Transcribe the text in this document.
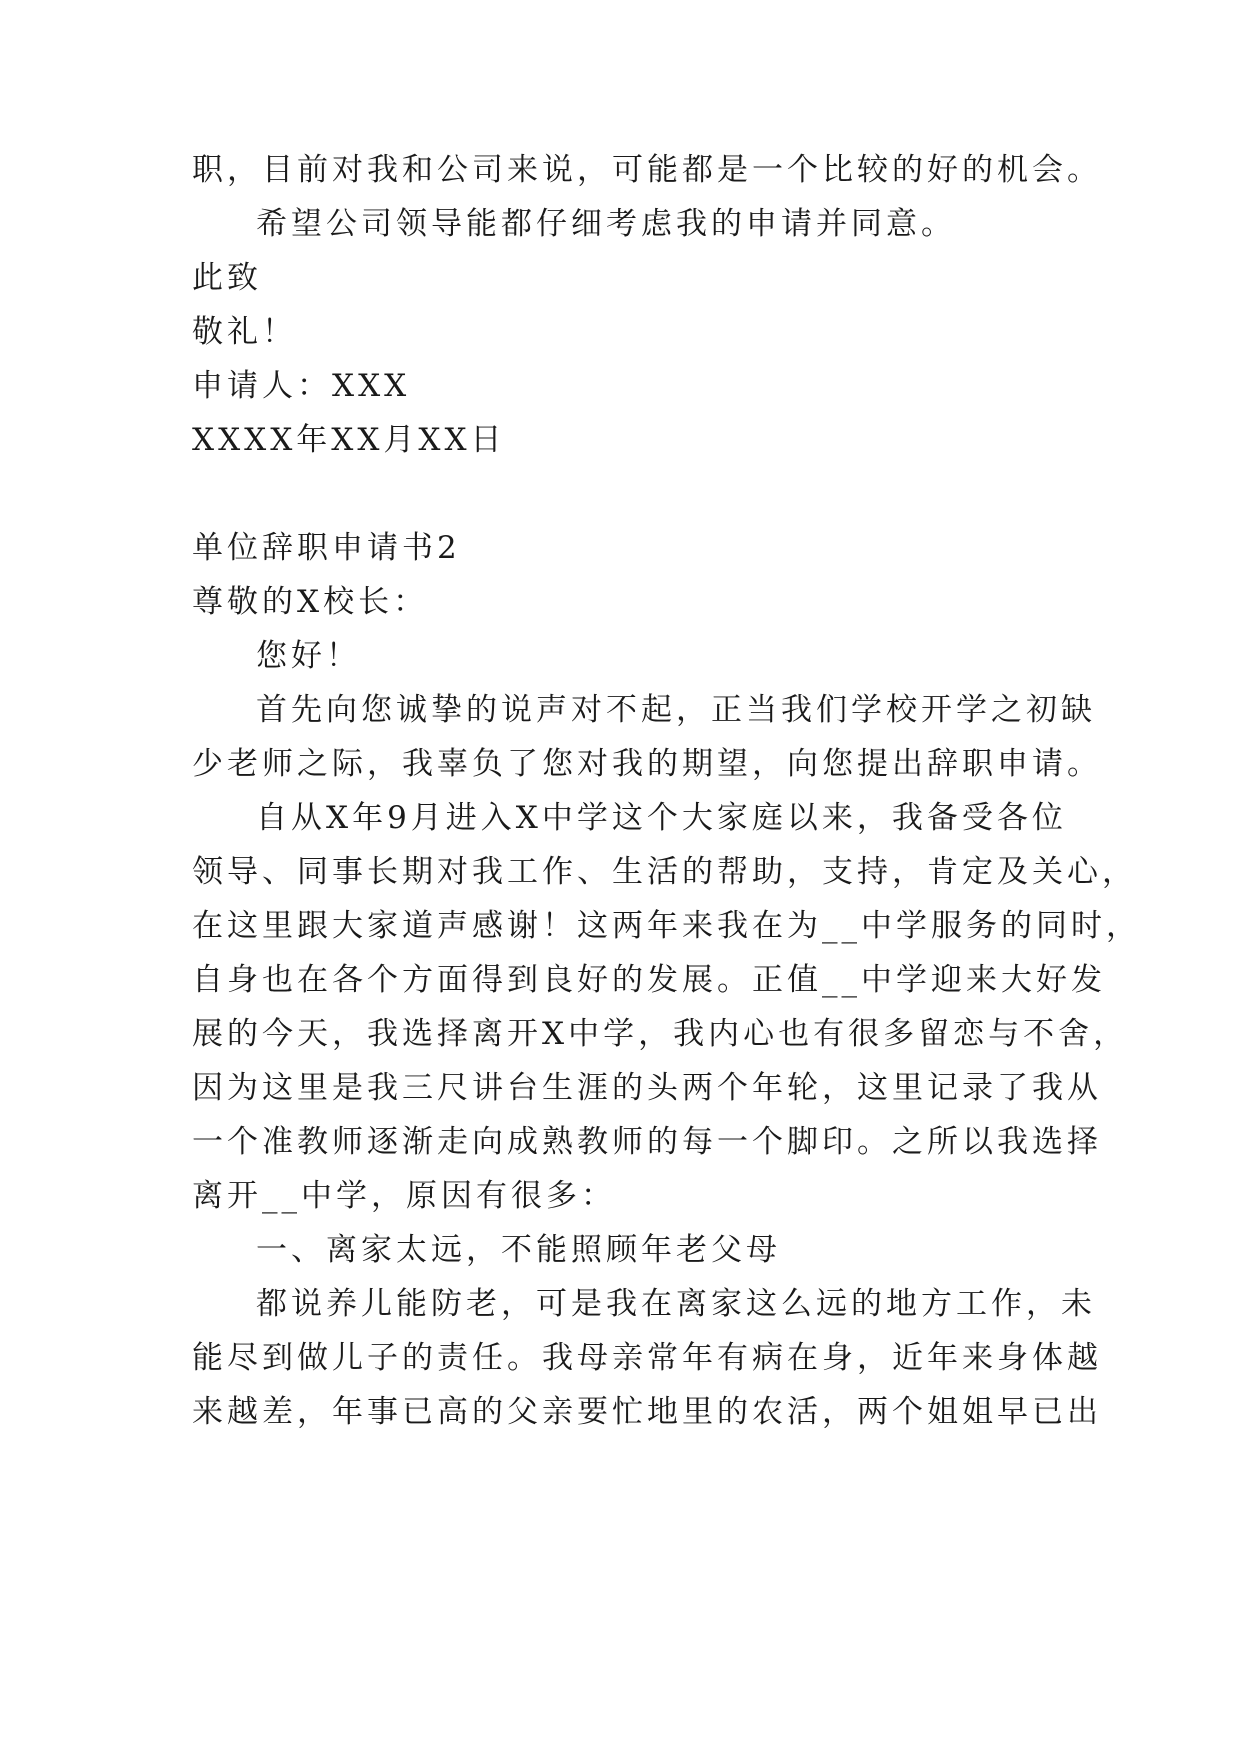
职，目前对我和公司来说，可能都是一个比较的好的机会。
希望公司领导能都仔细考虑我的申请并同意。
此致
敬礼！
申请人：XXX
XXXX年XX月XX日
单位辞职申请书2
尊敬的X校长：
您好！
首先向您诚挚的说声对不起，正当我们学校开学之初缺
少老师之际，我辜负了您对我的期望，向您提出辞职申请。
自从X年9月进入X中学这个大家庭以来，我备受各位
领导、同事长期对我工作、生活的帮助，支持，肯定及关心，
在这里跟大家道声感谢！这两年来我在为__中学服务的同时，
自身也在各个方面得到良好的发展。正值__中学迎来大好发
展的今天，我选择离开X中学，我内心也有很多留恋与不舍，
因为这里是我三尺讲台生涯的头两个年轮，这里记录了我从
一个准教师逐渐走向成熟教师的每一个脚印。之所以我选择
离开__中学，原因有很多：
一、离家太远，不能照顾年老父母
都说养儿能防老，可是我在离家这么远的地方工作，未
能尽到做儿子的责任。我母亲常年有病在身，近年来身体越
来越差，年事已高的父亲要忙地里的农活，两个姐姐早已出
